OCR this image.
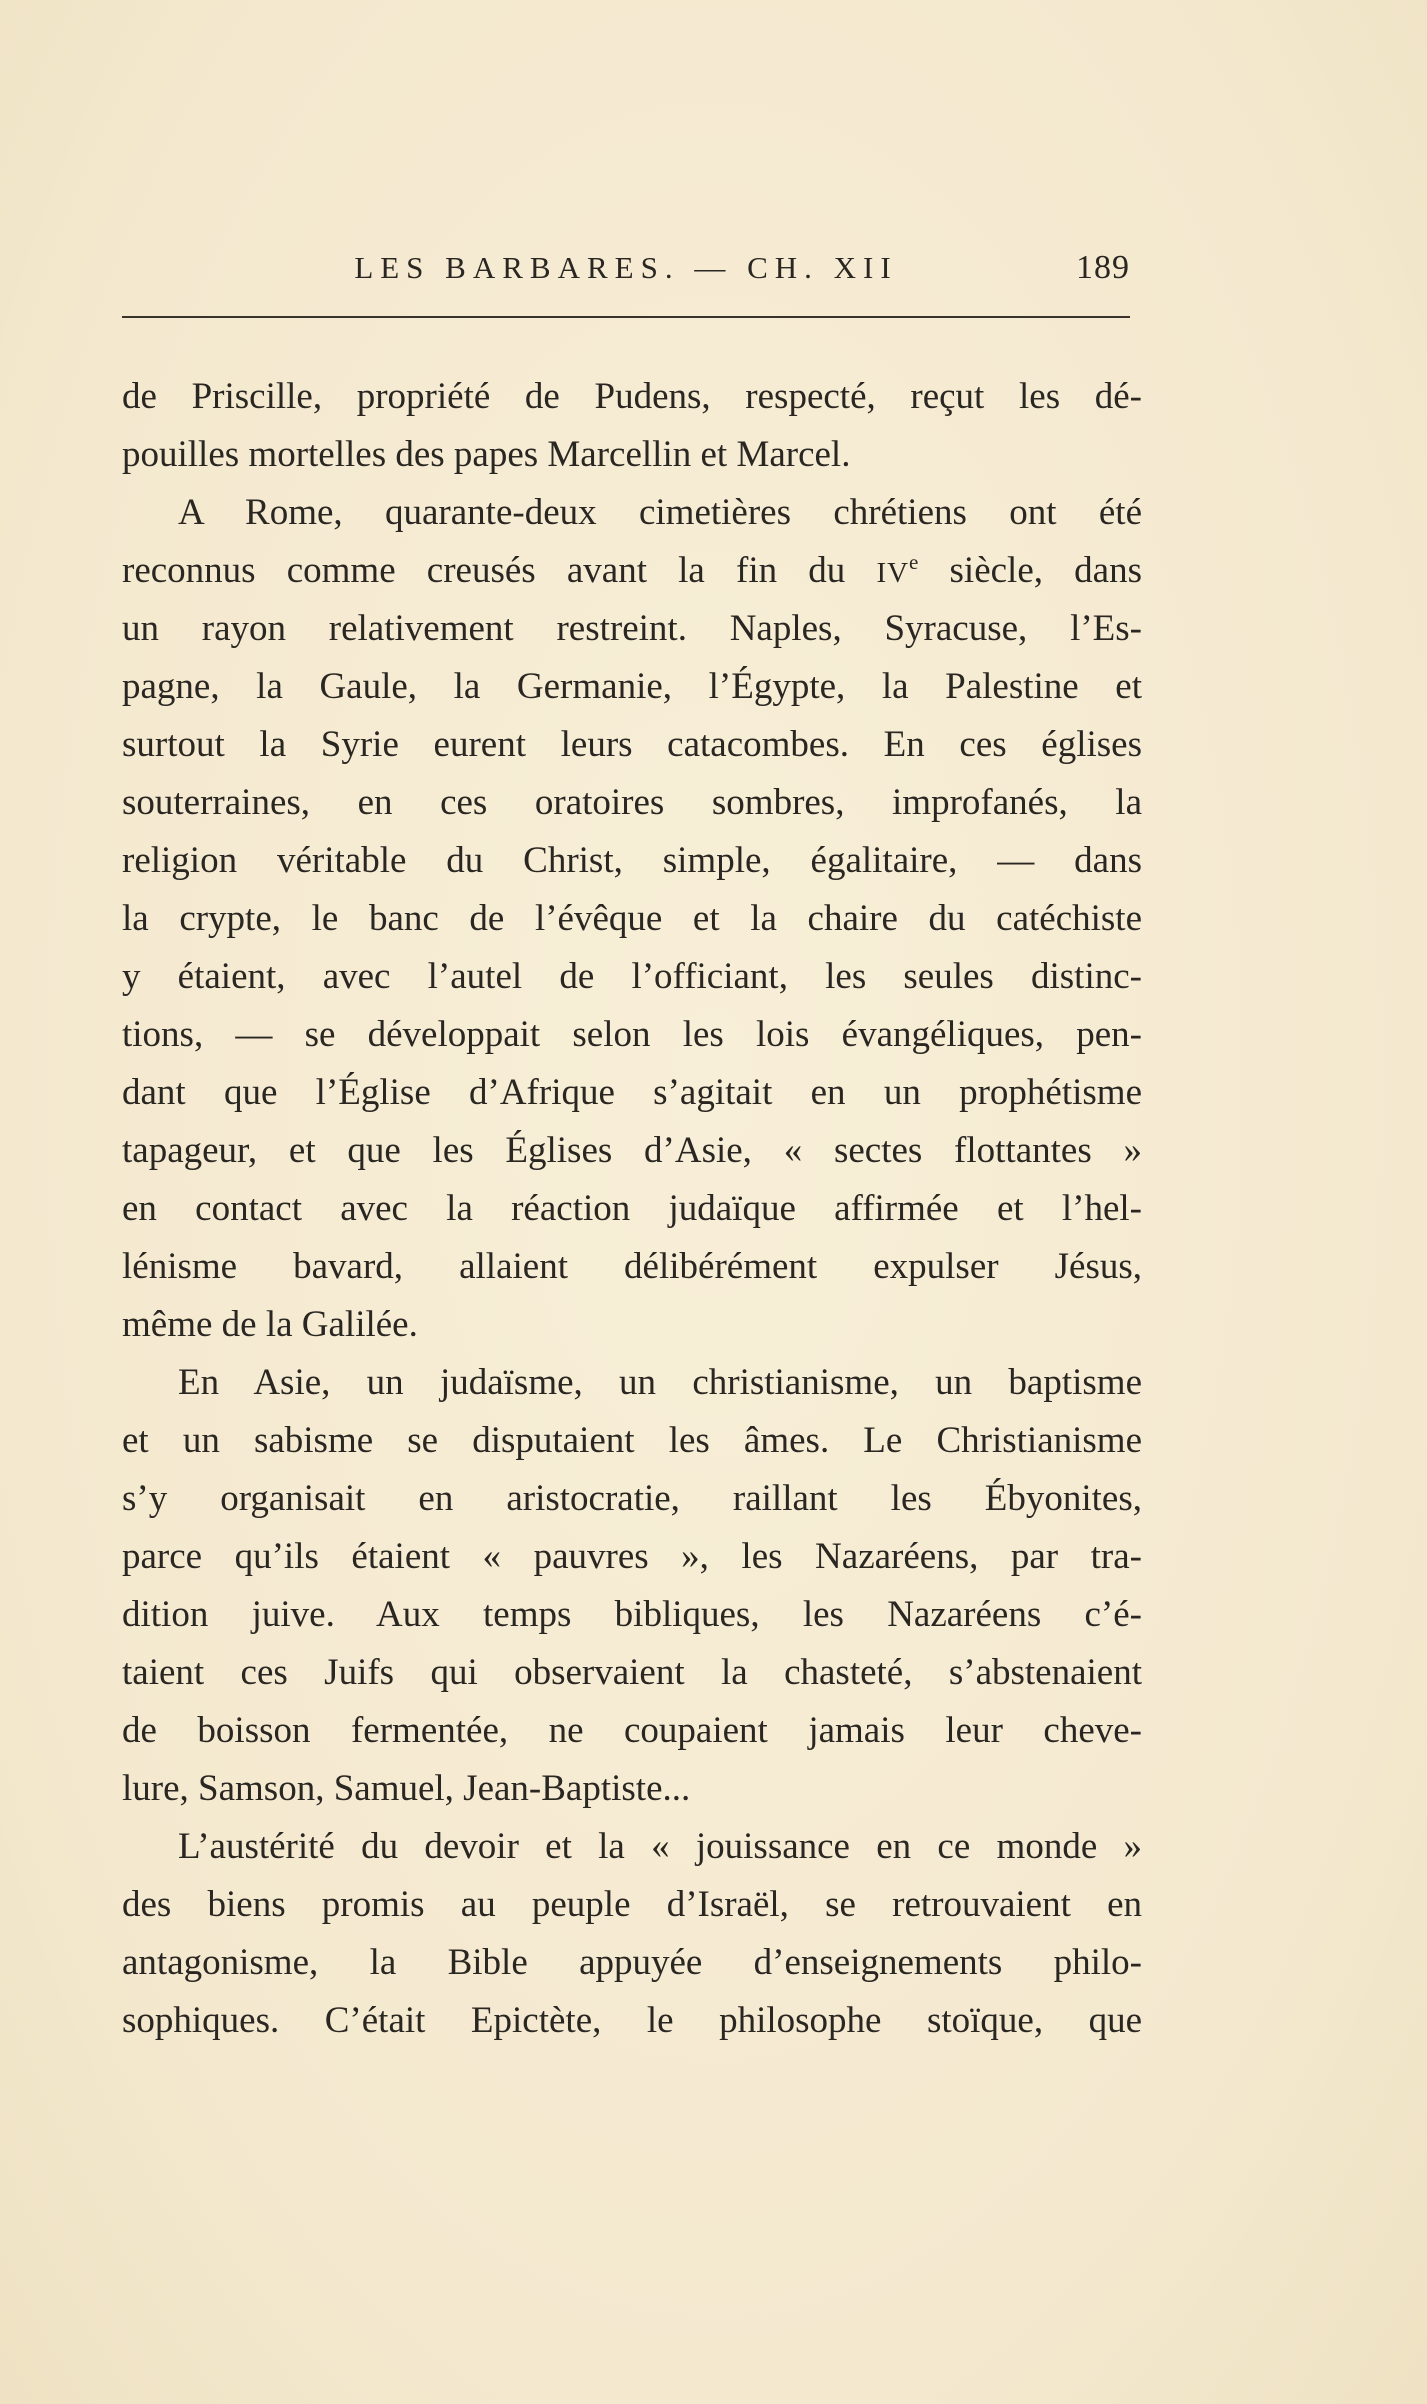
LES BARBARES. — CH. XII	189
de Priscille, propriété de Pudens, respecté, reçut les dé-
pouilles mortelles des papes Marcellin et Marcel.
A Rome, quarante-deux cimetières chrétiens ont été
reconnus comme creusés avant la fin du IVe siècle, dans
un rayon relativement restreint. Naples, Syracuse, l’Es-
pagne, la Gaule, la Germanie, l’Égypte, la Palestine et
surtout la Syrie eurent leurs catacombes. En ces églises
souterraines, en ces oratoires sombres, improfanés, la
religion véritable du Christ, simple, égalitaire, — dans
la crypte, le banc de l’évêque et la chaire du catéchiste
y étaient, avec l’autel de l’officiant, les seules distinc-
tions, — se développait selon les lois évangéliques, pen-
dant que l’Église d’Afrique s’agitait en un prophétisme
tapageur, et que les Églises d’Asie, « sectes flottantes »
en contact avec la réaction judaïque affirmée et l’hel-
lénisme bavard, allaient délibérément expulser Jésus,
même de la Galilée.
En Asie, un judaïsme, un christianisme, un baptisme
et un sabisme se disputaient les âmes. Le Christianisme
s’y organisait en aristocratie, raillant les Ébyonites,
parce qu’ils étaient « pauvres », les Nazaréens, par tra-
dition juive. Aux temps bibliques, les Nazaréens c’é-
taient ces Juifs qui observaient la chasteté, s’abstenaient
de boisson fermentée, ne coupaient jamais leur cheve-
lure, Samson, Samuel, Jean-Baptiste...
L’austérité du devoir et la « jouissance en ce monde »
des biens promis au peuple d’Israël, se retrouvaient en
antagonisme, la Bible appuyée d’enseignements philo-
sophiques. C’était Epictète, le philosophe stoïque, que
